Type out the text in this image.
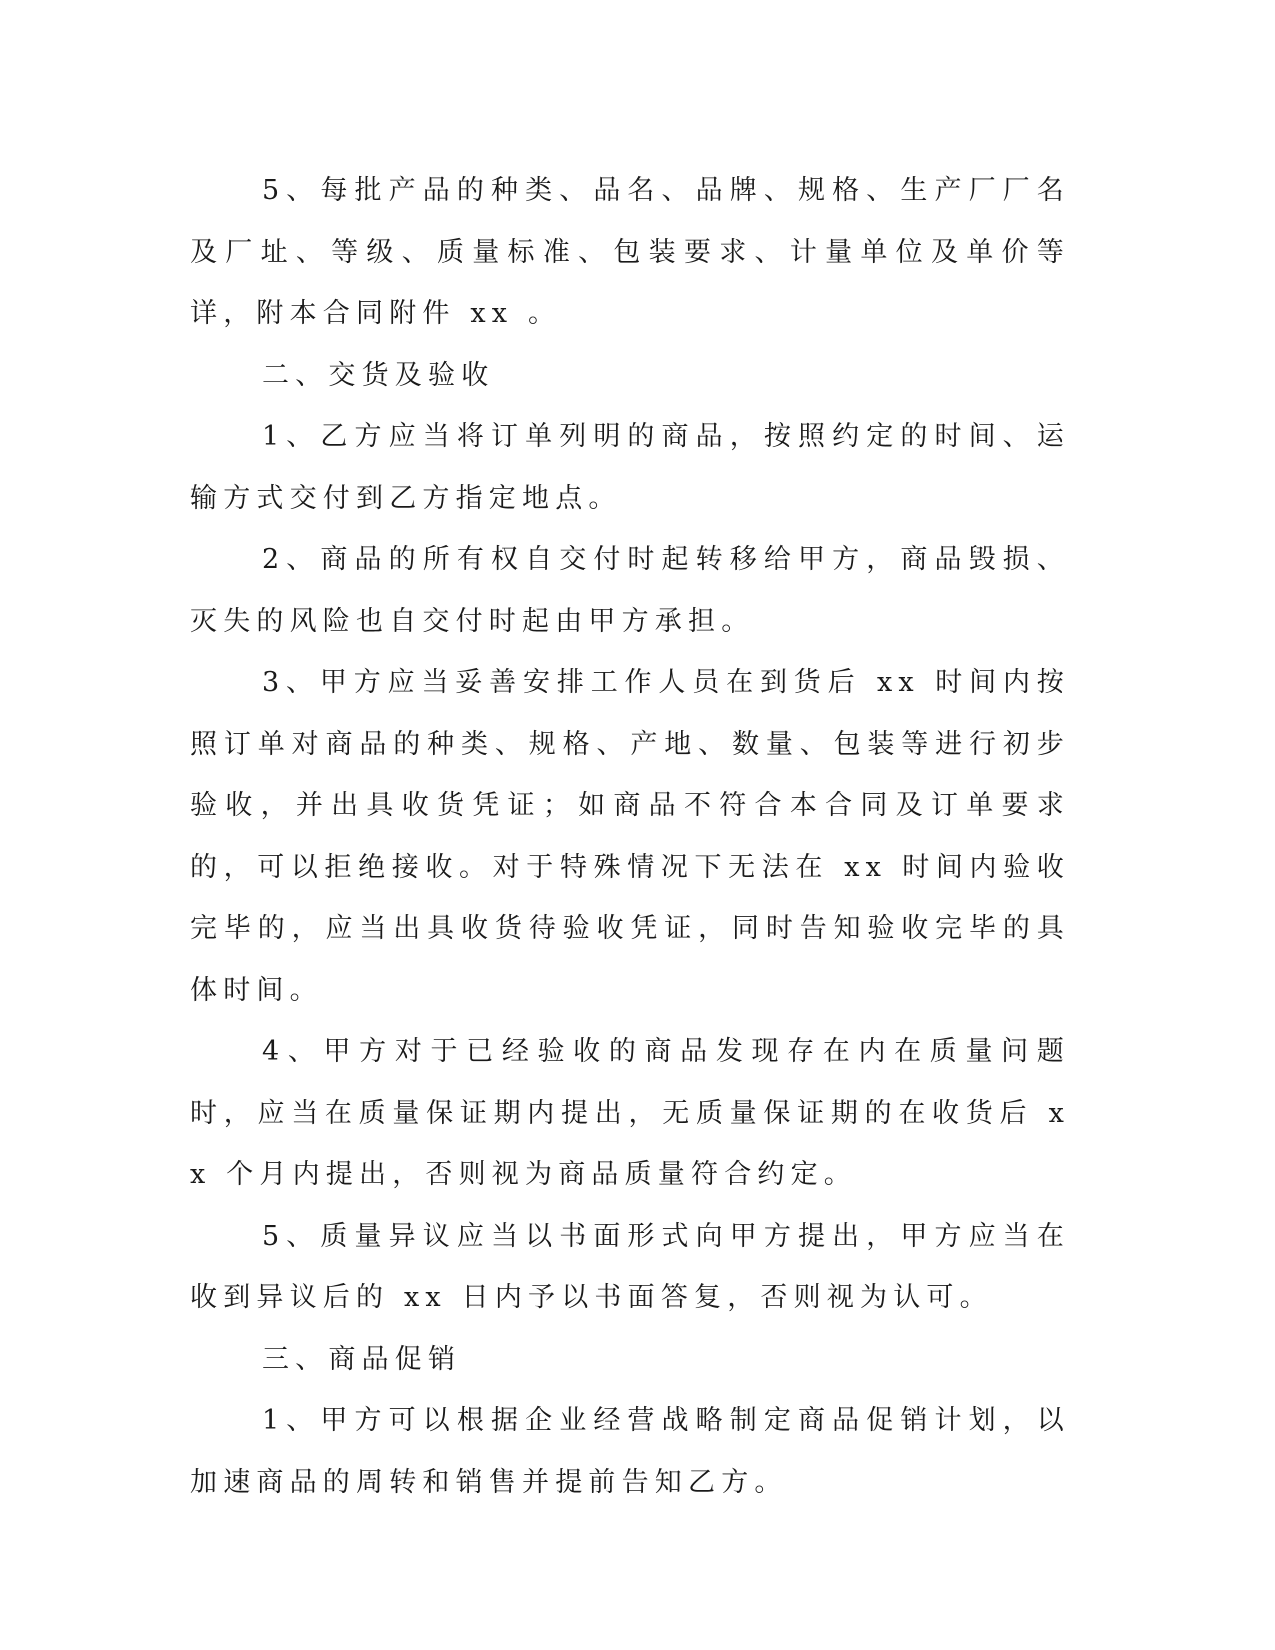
5、每批产品的种类、品名、品牌、规格、生产厂厂名及厂址、等级、质量标准、包装要求、计量单位及单价等详，附本合同附件 xx 。

二、交货及验收

1、乙方应当将订单列明的商品，按照约定的时间、运输方式交付到乙方指定地点。

2、商品的所有权自交付时起转移给甲方，商品毁损、灭失的风险也自交付时起由甲方承担。

3、甲方应当妥善安排工作人员在到货后 xx 时间内按照订单对商品的种类、规格、产地、数量、包装等进行初步验收，并出具收货凭证；如商品不符合本合同及订单要求的，可以拒绝接收。对于特殊情况下无法在 xx 时间内验收完毕的，应当出具收货待验收凭证，同时告知验收完毕的具体时间。

4、甲方对于已经验收的商品发现存在内在质量问题时，应当在质量保证期内提出，无质量保证期的在收货后 xx 个月内提出，否则视为商品质量符合约定。

5、质量异议应当以书面形式向甲方提出，甲方应当在收到异议后的 xx 日内予以书面答复，否则视为认可。

三、商品促销

1、甲方可以根据企业经营战略制定商品促销计划，以加速商品的周转和销售并提前告知乙方。
